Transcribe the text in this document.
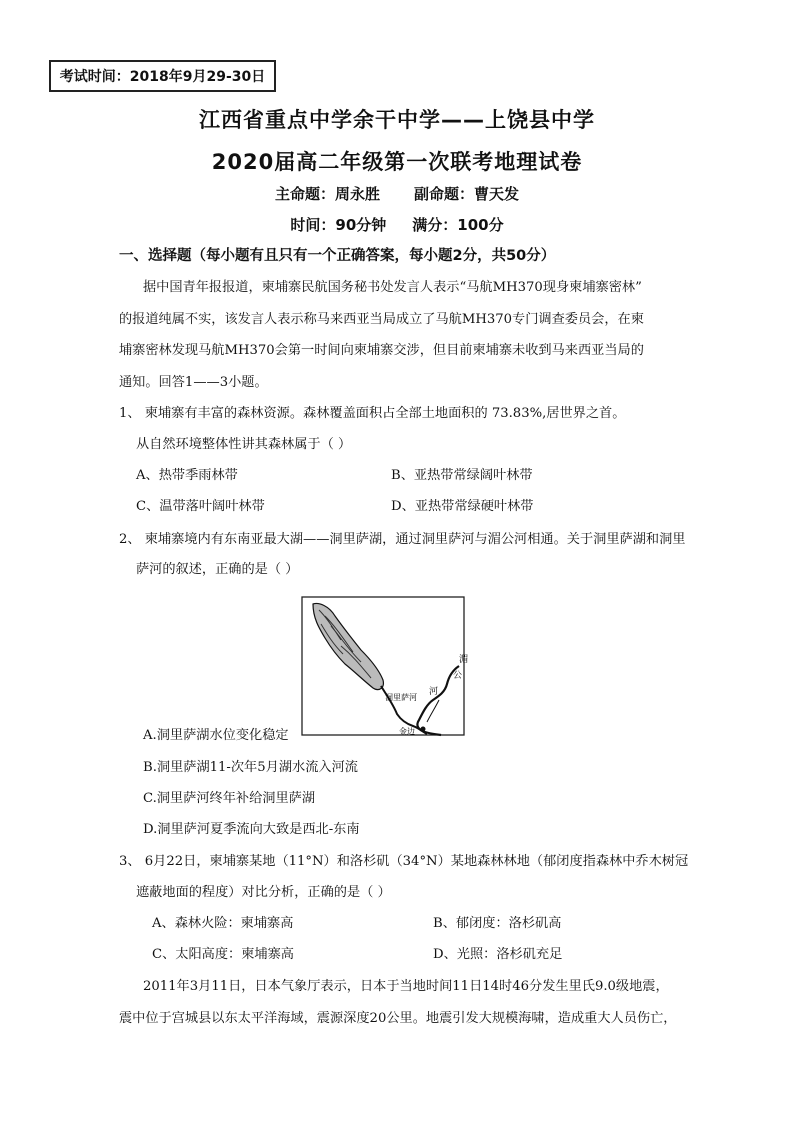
考试时间：2018年9月29-30日
江西省重点中学余干中学——上饶县中学
2020届高二年级第一次联考地理试卷
主命题：周永胜 副命题：曹天发
时间：90分钟 满分：100分
一、选择题（每小题有且只有一个正确答案，每小题2分，共50分）
据中国青年报报道，柬埔寨民航国务秘书处发言人表示“马航MH370现身柬埔寨密林”
的报道纯属不实，该发言人表示称马来西亚当局成立了马航MH370专门调查委员会，在柬
埔寨密林发现马航MH370会第一时间向柬埔寨交涉，但目前柬埔寨未收到马来西亚当局的
通知。回答1——3小题。
1、 柬埔寨有丰富的森林资源。森林覆盖面积占全部土地面积的 73.83%,居世界之首。
从自然环境整体性讲其森林属于（ ）
A、热带季雨林带	B、亚热带常绿阔叶林带
C、温带落叶阔叶林带	D、亚热带常绿硬叶林带
2、 柬埔寨境内有东南亚最大湖——洞里萨湖，通过洞里萨河与湄公河相通。关于洞里萨湖和洞里
萨河的叙述，正确的是（ ）
湄
公
河
洞里萨河
金边
A.洞里萨湖水位变化稳定
B.洞里萨湖11-次年5月湖水流入河流
C.洞里萨河终年补给洞里萨湖
D.洞里萨河夏季流向大致是西北-东南
3、 6月22日，柬埔寨某地（11°N）和洛杉矶（34°N）某地森林林地（郁闭度指森林中乔木树冠
遮蔽地面的程度）对比分析，正确的是（ ）
A、森林火险：柬埔寨高	B、郁闭度：洛杉矶高
C、太阳高度：柬埔寨高	D、光照：洛杉矶充足
2011年3月11日，日本气象厅表示，日本于当地时间11日14时46分发生里氏9.0级地震，
震中位于宫城县以东太平洋海域，震源深度20公里。地震引发大规模海啸，造成重大人员伤亡，
